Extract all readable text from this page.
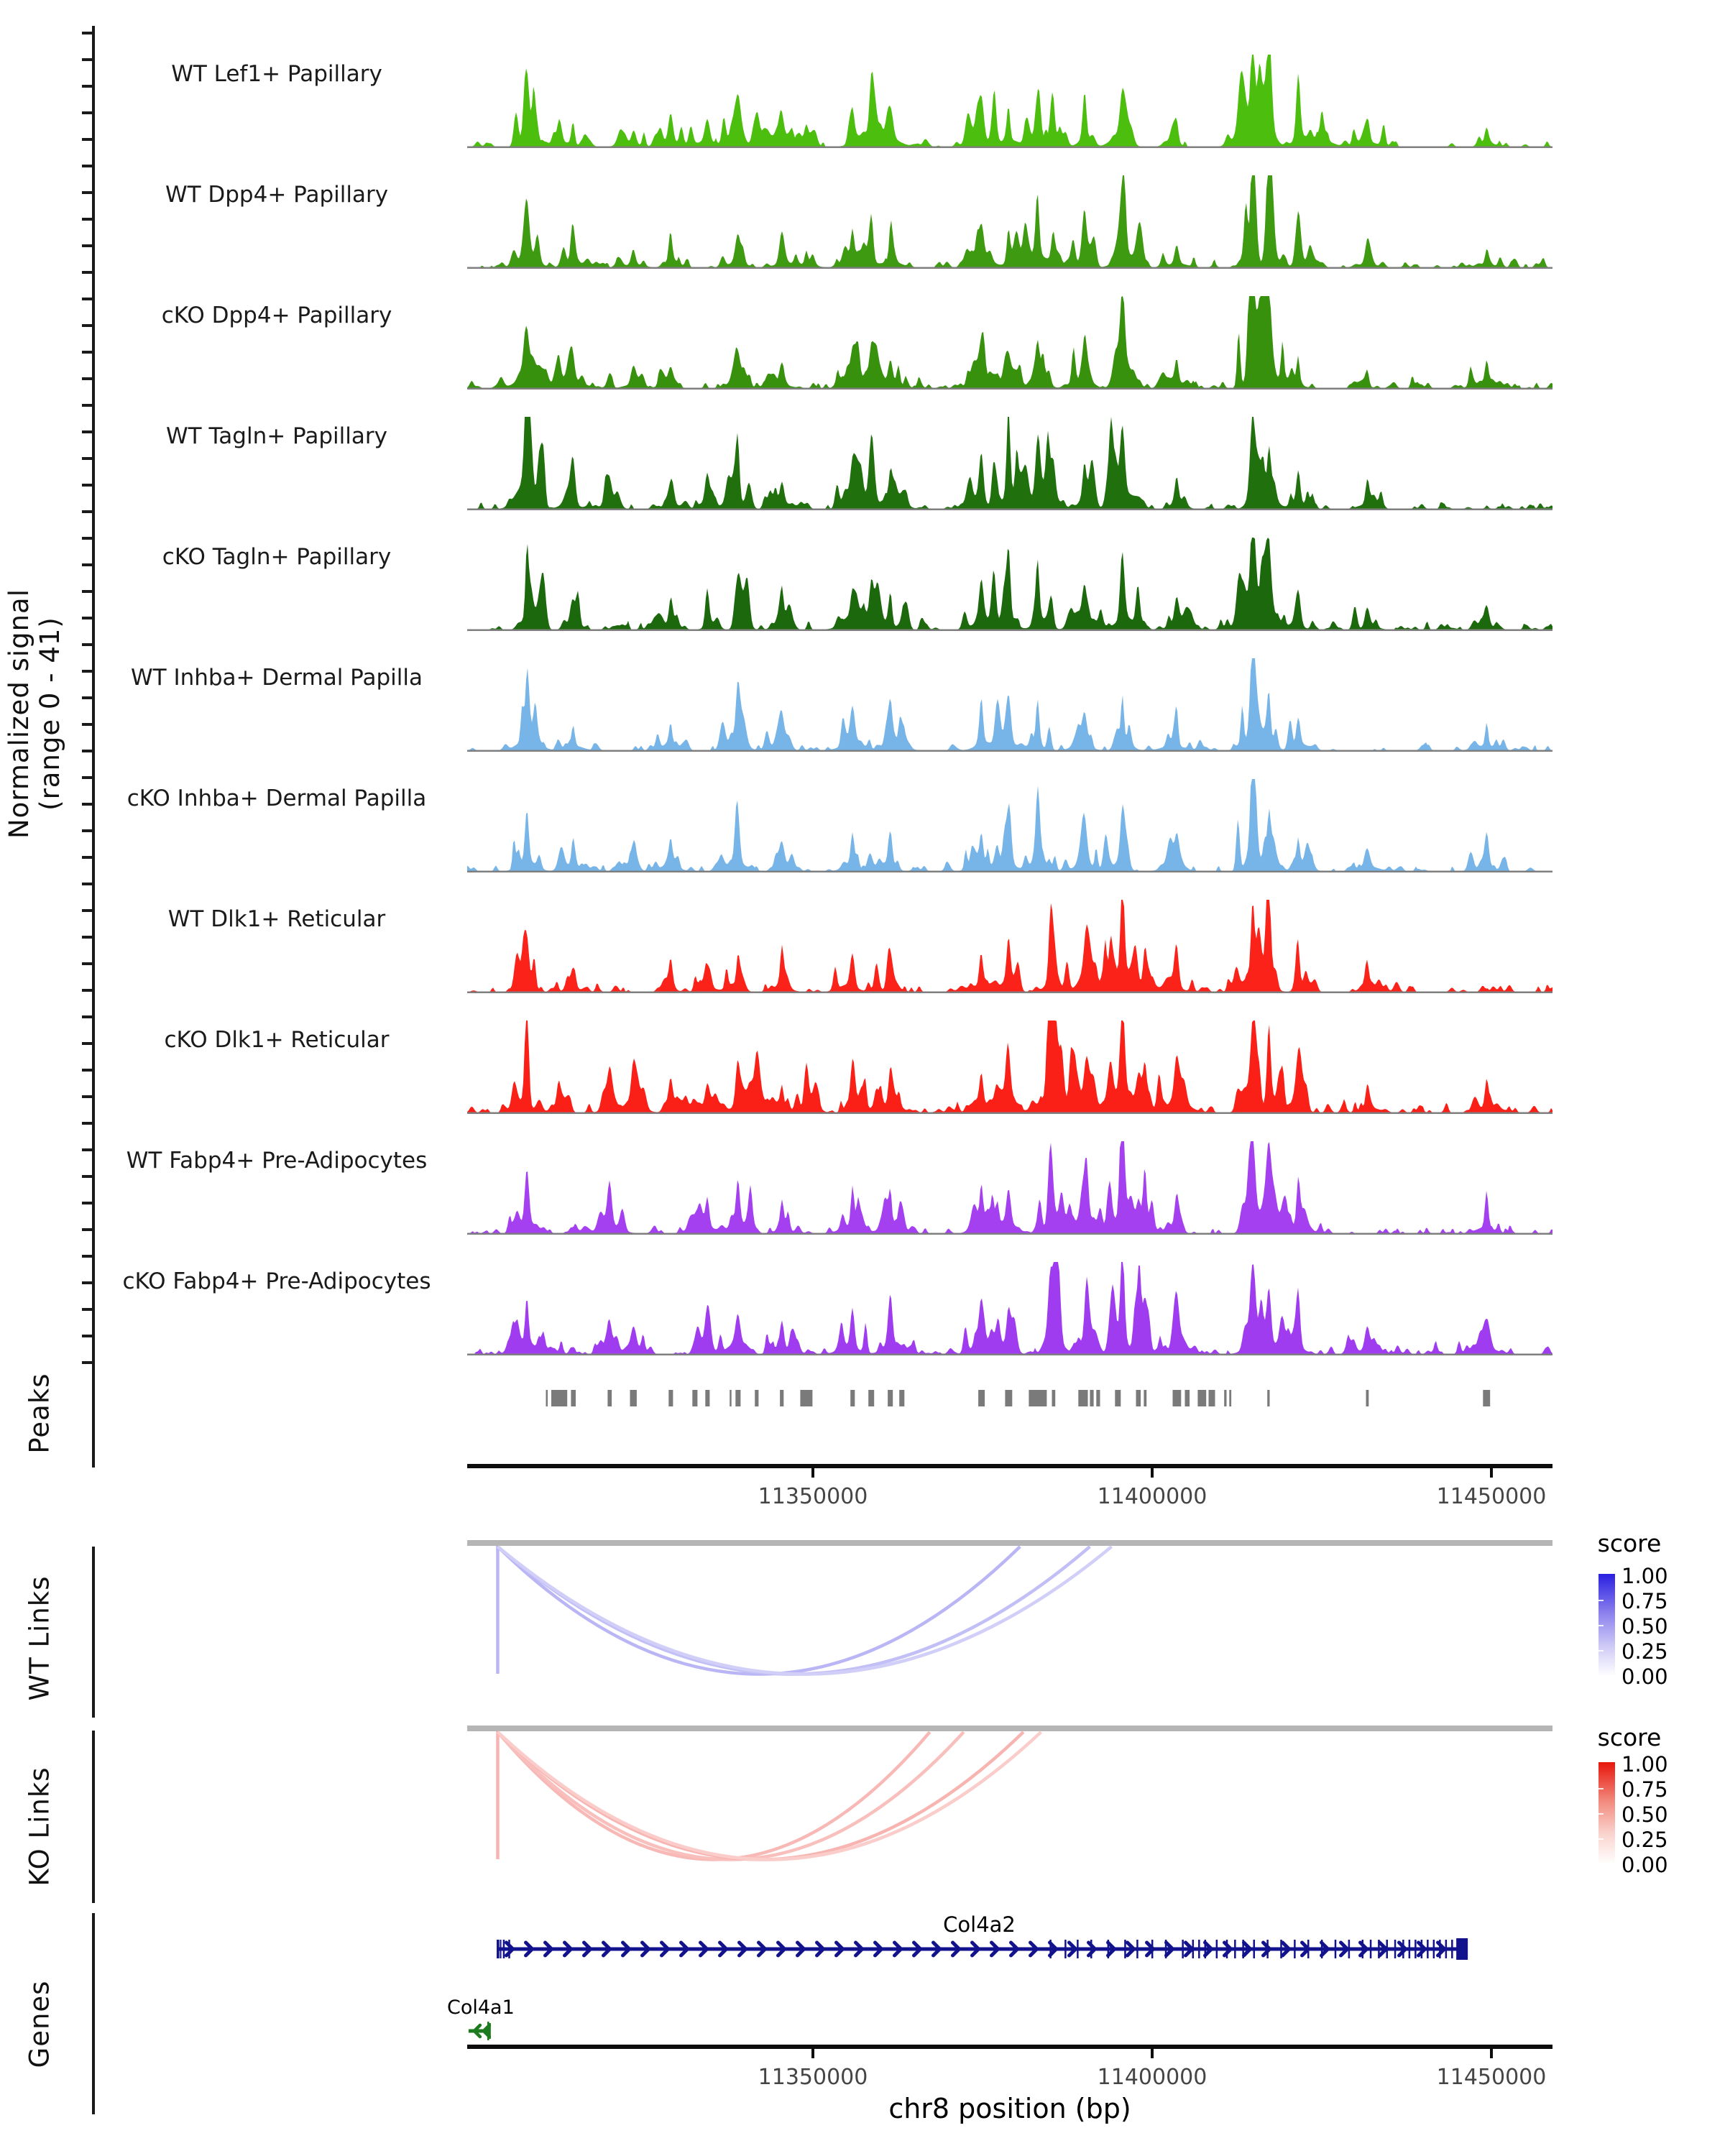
Normalized signal (range 0 - 41)
Peaks
WT Links
KO Links
Genes
WT Lef1+ Papillary
WT Dpp4+ Papillary
cKO Dpp4+ Papillary
WT Tagln+ Papillary
cKO Tagln+ Papillary
WT Inhba+ Dermal Papilla
cKO Inhba+ Dermal Papilla
WT Dlk1+ Reticular
cKO Dlk1+ Reticular
WT Fabp4+ Pre-Adipocytes
cKO Fabp4+ Pre-Adipocytes
11350000	11400000	11450000
Col4a2
Col4a1
11350000	11400000	11450000
chr8 position (bp)
score
1.00
0.75
0.50
0.25
0.00
score
1.00
0.75
0.50
0.25
0.00
